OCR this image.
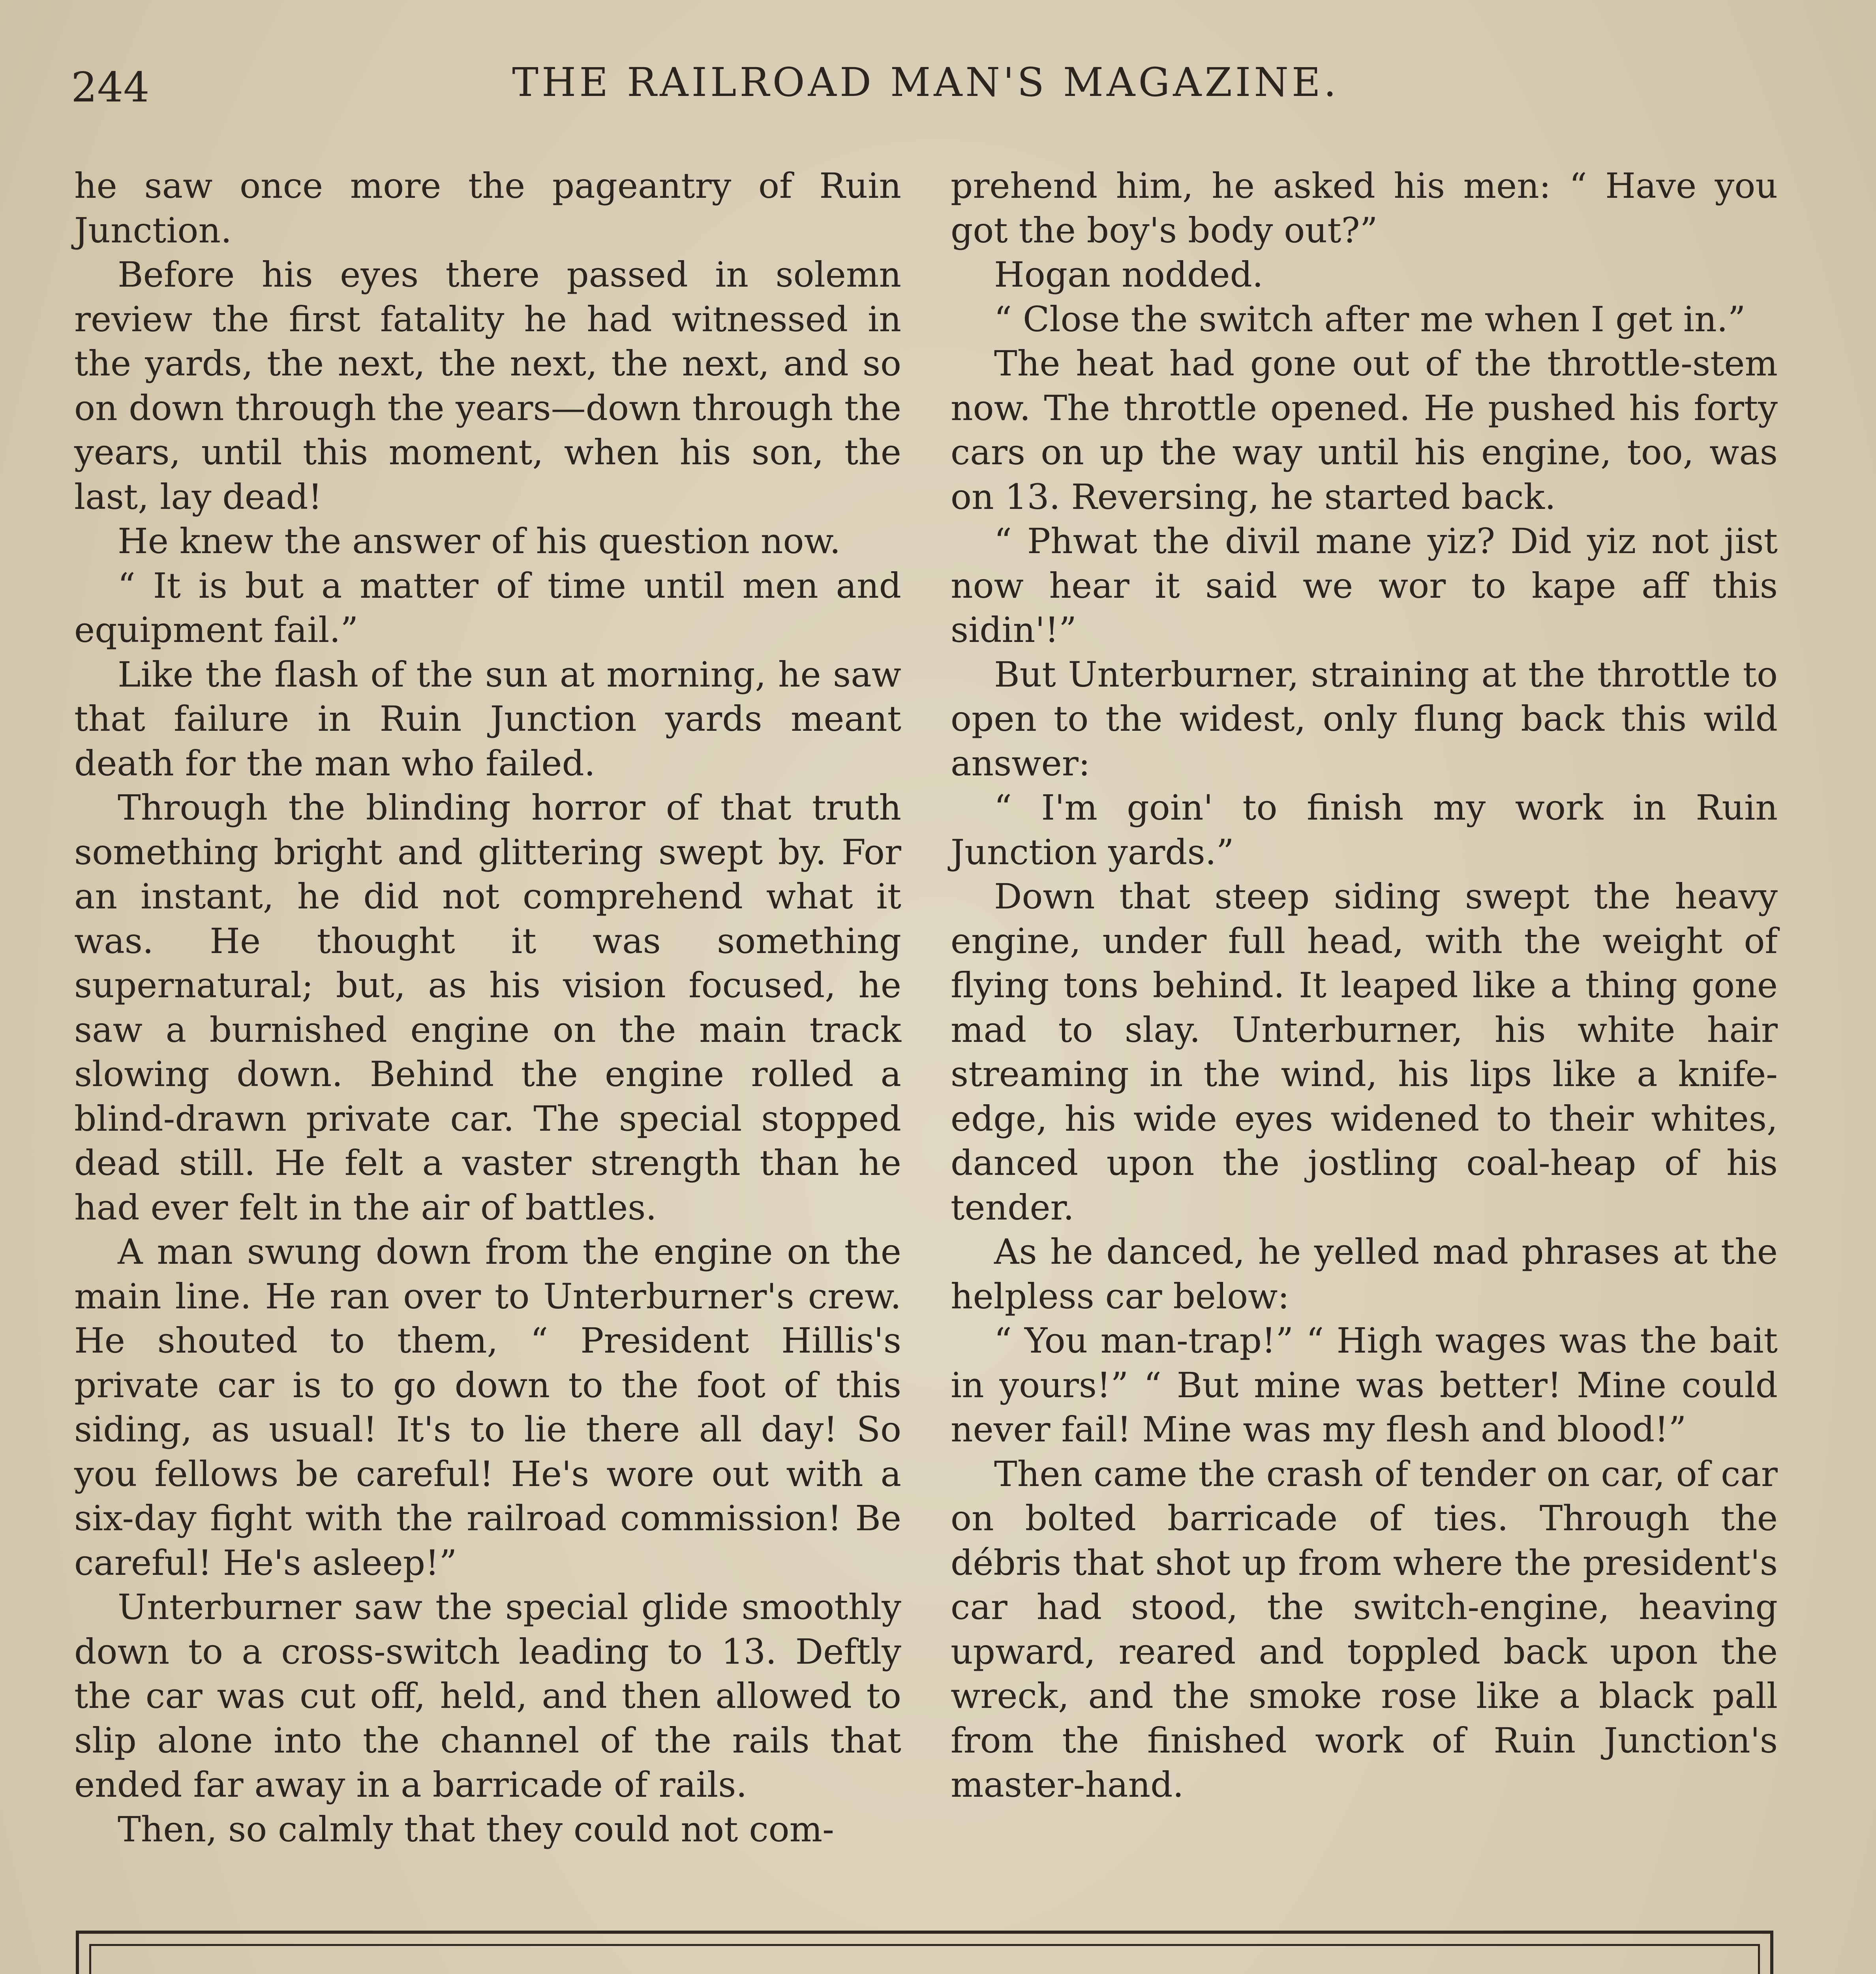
244	THE RAILROAD MAN'S MAGAZINE.

he saw once more the pageantry of Ruin Junction.

Before his eyes there passed in solemn review the first fatality he had witnessed in the yards, the next, the next, the next, and so on down through the years—down through the years, until this moment, when his son, the last, lay dead!

He knew the answer of his question now.

“ It is but a matter of time until men and equipment fail.”

Like the flash of the sun at morning, he saw that failure in Ruin Junction yards meant death for the man who failed.

Through the blinding horror of that truth something bright and glittering swept by. For an instant, he did not comprehend what it was. He thought it was something supernatural; but, as his vision focused, he saw a burnished engine on the main track slowing down. Behind the engine rolled a blind-drawn private car. The special stopped dead still. He felt a vaster strength than he had ever felt in the air of battles.

A man swung down from the engine on the main line. He ran over to Unterburner's crew. He shouted to them, “ President Hillis's private car is to go down to the foot of this siding, as usual! It's to lie there all day! So you fellows be careful! He's wore out with a six-day fight with the railroad commission! Be careful! He's asleep!”

Unterburner saw the special glide smoothly down to a cross-switch leading to 13. Deftly the car was cut off, held, and then allowed to slip alone into the channel of the rails that ended far away in a barricade of rails.

Then, so calmly that they could not com-

prehend him, he asked his men: “ Have you got the boy's body out?”

Hogan nodded.

“ Close the switch after me when I get in.”

The heat had gone out of the throttle-stem now. The throttle opened. He pushed his forty cars on up the way until his engine, too, was on 13. Reversing, he started back.

“ Phwat the divil mane yiz? Did yiz not jist now hear it said we wor to kape aff this sidin'!”

But Unterburner, straining at the throttle to open to the widest, only flung back this wild answer:

“ I'm goin' to finish my work in Ruin Junction yards.”

Down that steep siding swept the heavy engine, under full head, with the weight of flying tons behind. It leaped like a thing gone mad to slay. Unterburner, his white hair streaming in the wind, his lips like a knife-edge, his wide eyes widened to their whites, danced upon the jostling coal-heap of his tender.

As he danced, he yelled mad phrases at the helpless car below:

“ You man-trap!” “ High wages was the bait in yours!” “ But mine was better! Mine could never fail! Mine was my flesh and blood!”

Then came the crash of tender on car, of car on bolted barricade of ties. Through the débris that shot up from where the president's car had stood, the switch-engine, heaving upward, reared and toppled back upon the wreck, and the smoke rose like a black pall from the finished work of Ruin Junction's master-hand.
